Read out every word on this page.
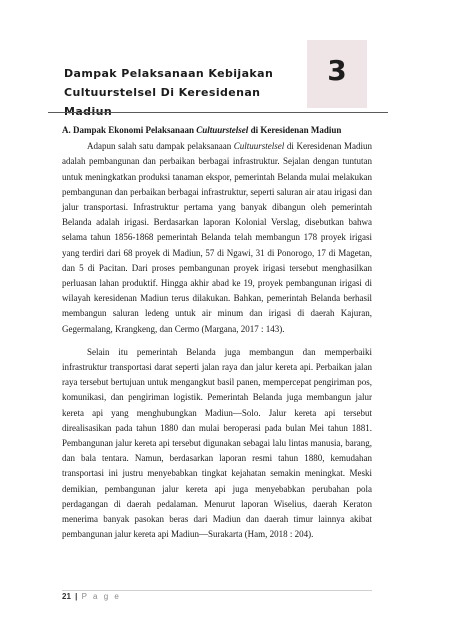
Dampak Pelaksanaan Kebijakan
Cultuurstelsel Di Keresidenan Madiun
3
A. Dampak Ekonomi Pelaksanaan Cultuurstelsel di Keresidenan Madiun

Adapun salah satu dampak pelaksanaan Cultuurstelsel di Keresidenan Madiun adalah pembangunan dan perbaikan berbagai infrastruktur. Sejalan dengan tuntutan untuk meningkatkan produksi tanaman ekspor, pemerintah Belanda mulai melakukan pembangunan dan perbaikan berbagai infrastruktur, seperti saluran air atau irigasi dan jalur transportasi. Infrastruktur pertama yang banyak dibangun oleh pemerintah Belanda adalah irigasi. Berdasarkan laporan Kolonial Verslag, disebutkan bahwa selama tahun 1856-1868 pemerintah Belanda telah membangun 178 proyek irigasi yang terdiri dari 68 proyek di Madiun, 57 di Ngawi, 31 di Ponorogo, 17 di Magetan, dan 5 di Pacitan. Dari proses pembangunan proyek irigasi tersebut menghasilkan perluasan lahan produktif. Hingga akhir abad ke 19, proyek pembangunan irigasi di wilayah keresidenan Madiun terus dilakukan. Bahkan, pemerintah Belanda berhasil membangun saluran ledeng untuk air minum dan irigasi di daerah Kajuran, Gegermalang, Krangkeng, dan Cermo (Margana, 2017 : 143).

Selain itu pemerintah Belanda juga membangun dan memperbaiki infrastruktur transportasi darat seperti jalan raya dan jalur kereta api. Perbaikan jalan raya tersebut bertujuan untuk mengangkut basil panen, mempercepat pengiriman pos, komunikasi, dan pengiriman logistik. Pemerintah Belanda juga membangun jalur kereta api yang menghubungkan Madiun—Solo. Jalur kereta api tersebut direalisasikan pada tahun 1880 dan mulai beroperasi pada bulan Mei tahun 1881. Pembangunan jalur kereta api tersebut digunakan sebagai lalu lintas manusia, barang, dan bala tentara. Namun, berdasarkan laporan resmi tahun 1880, kemudahan transportasi ini justru menyebabkan tingkat kejahatan semakin meningkat. Meski demikian, pembangunan jalur kereta api juga menyebabkan perubahan pola perdagangan di daerah pedalaman. Menurut laporan Wiselius, daerah Keraton menerima banyak pasokan beras dari Madiun dan daerah timur lainnya akibat pembangunan jalur kereta api Madiun—Surakarta (Ham, 2018 : 204).

21 | P a g e
